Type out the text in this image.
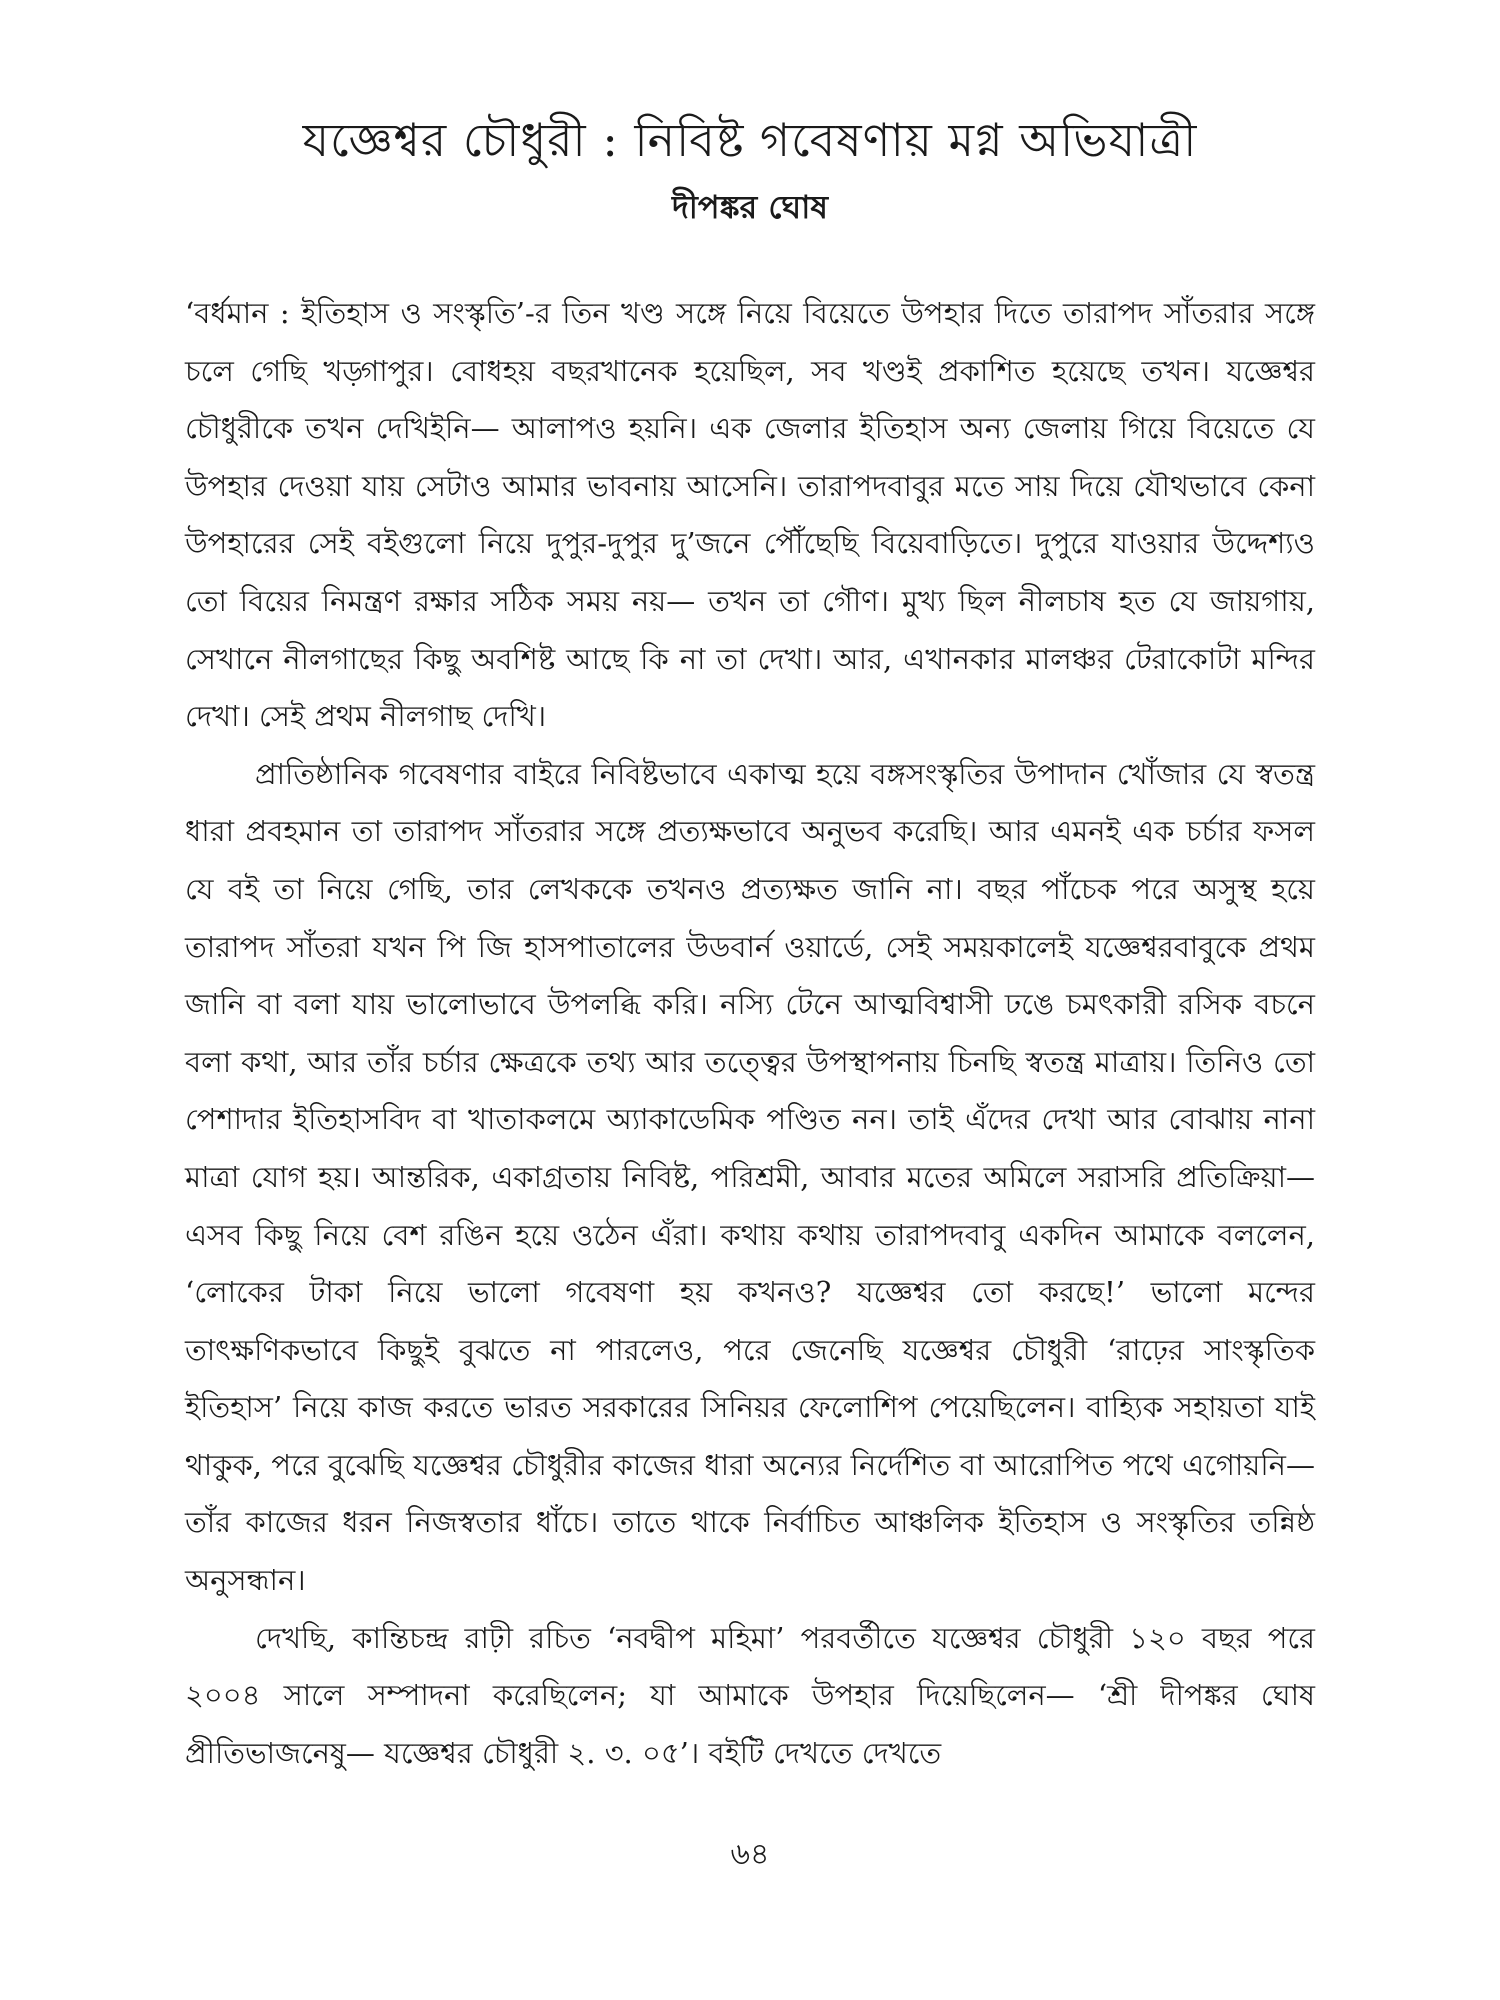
যজ্ঞেশ্বর চৌধুরী : নিবিষ্ট গবেষণায় মগ্ন অভিযাত্রী
দীপঙ্কর ঘোষ

‘বর্ধমান : ইতিহাস ও সংস্কৃতি’-র তিন খণ্ড সঙ্গে নিয়ে বিয়েতে উপহার দিতে তারাপদ সাঁতরার সঙ্গে চলে গেছি খড়্গাপুর। বোধহয় বছরখানেক হয়েছিল, সব খণ্ডই প্রকাশিত হয়েছে তখন। যজ্ঞেশ্বর চৌধুরীকে তখন দেখিইনি— আলাপও হয়নি। এক জেলার ইতিহাস অন্য জেলায় গিয়ে বিয়েতে যে উপহার দেওয়া যায় সেটাও আমার ভাবনায় আসেনি। তারাপদবাবুর মতে সায় দিয়ে যৌথভাবে কেনা উপহারের সেই বইগুলো নিয়ে দুপুর-দুপুর দু’জনে পৌঁছেছি বিয়েবাড়িতে। দুপুরে যাওয়ার উদ্দেশ্যও তো বিয়ের নিমন্ত্রণ রক্ষার সঠিক সময় নয়— তখন তা গৌণ। মুখ্য ছিল নীলচাষ হত যে জায়গায়, সেখানে নীলগাছের কিছু অবশিষ্ট আছে কি না তা দেখা। আর, এখানকার মালঞ্চর টেরাকোটা মন্দির দেখা। সেই প্রথম নীলগাছ দেখি।

প্রাতিষ্ঠানিক গবেষণার বাইরে নিবিষ্টভাবে একাত্ম হয়ে বঙ্গসংস্কৃতির উপাদান খোঁজার যে স্বতন্ত্র ধারা প্রবহমান তা তারাপদ সাঁতরার সঙ্গে প্রত্যক্ষভাবে অনুভব করেছি। আর এমনই এক চর্চার ফসল যে বই তা নিয়ে গেছি, তার লেখককে তখনও প্রত্যক্ষত জানি না। বছর পাঁচেক পরে অসুস্থ হয়ে তারাপদ সাঁতরা যখন পি জি হাসপাতালের উডবার্ন ওয়ার্ডে, সেই সময়কালেই যজ্ঞেশ্বরবাবুকে প্রথম জানি বা বলা যায় ভালোভাবে উপলব্ধি করি। নস্যি টেনে আত্মবিশ্বাসী ঢঙে চমৎকারী রসিক বচনে বলা কথা, আর তাঁর চর্চার ক্ষেত্রকে তথ্য আর তত্ত্বের উপস্থাপনায় চিনছি স্বতন্ত্র মাত্রায়। তিনিও তো পেশাদার ইতিহাসবিদ বা খাতাকলমে অ্যাকাডেমিক পণ্ডিত নন। তাই এঁদের দেখা আর বোঝায় নানা মাত্রা যোগ হয়। আন্তরিক, একাগ্রতায় নিবিষ্ট, পরিশ্রমী, আবার মতের অমিলে সরাসরি প্রতিক্রিয়া— এসব কিছু নিয়ে বেশ রঙিন হয়ে ওঠেন এঁরা। কথায় কথায় তারাপদবাবু একদিন আমাকে বললেন, ‘লোকের টাকা নিয়ে ভালো গবেষণা হয় কখনও? যজ্ঞেশ্বর তো করছে!’ ভালো মন্দের তাৎক্ষণিকভাবে কিছুই বুঝতে না পারলেও, পরে জেনেছি যজ্ঞেশ্বর চৌধুরী ‘রাঢ়ের সাংস্কৃতিক ইতিহাস’ নিয়ে কাজ করতে ভারত সরকারের সিনিয়র ফেলোশিপ পেয়েছিলেন। বাহ্যিক সহায়তা যাই থাকুক, পরে বুঝেছি যজ্ঞেশ্বর চৌধুরীর কাজের ধারা অন্যের নির্দেশিত বা আরোপিত পথে এগোয়নি— তাঁর কাজের ধরন নিজস্বতার ধাঁচে। তাতে থাকে নির্বাচিত আঞ্চলিক ইতিহাস ও সংস্কৃতির তন্নিষ্ঠ অনুসন্ধান।

দেখছি, কান্তিচন্দ্র রাঢ়ী রচিত ‘নবদ্বীপ মহিমা’ পরবর্তীতে যজ্ঞেশ্বর চৌধুরী ১২০ বছর পরে ২০০৪ সালে সম্পাদনা করেছিলেন; যা আমাকে উপহার দিয়েছিলেন— ‘শ্রী দীপঙ্কর ঘোষ প্রীতিভাজনেষু— যজ্ঞেশ্বর চৌধুরী ২. ৩. ০৫’। বইটি দেখতে দেখতে

৬৪
